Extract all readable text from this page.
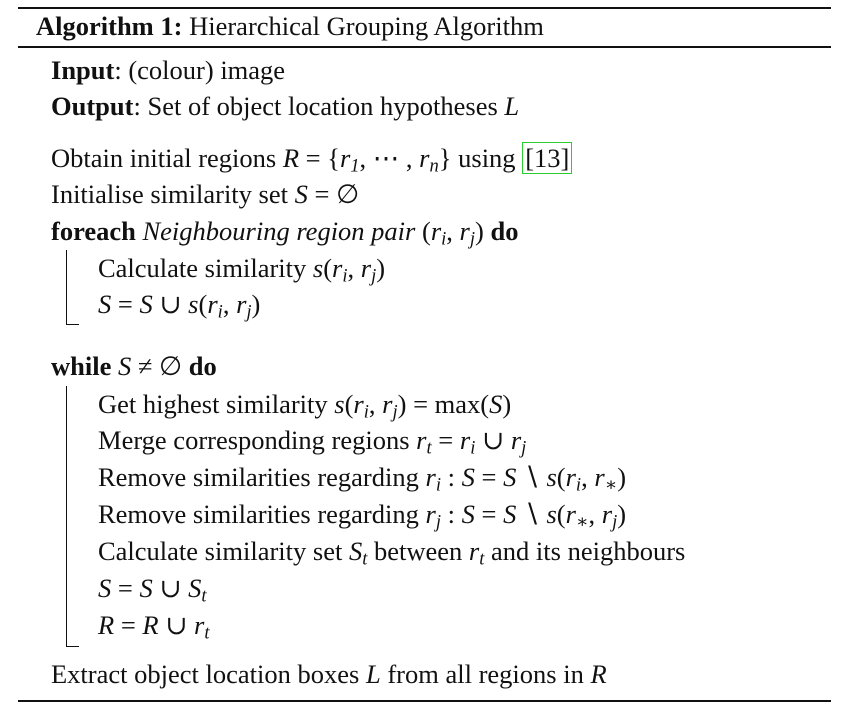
Algorithm 1: Hierarchical Grouping Algorithm
Input: (colour) image
Output: Set of object location hypotheses L
Obtain initial regions $R = \{r_1$, ⋯ , $r_n$} using [13]
Initialise similarity set S = ∅
foreach Neighbouring region pair ($r_i$, $r_j$) do
Calculate similarity $s(r_i$, $r_j$)
S = S ∪ $s(r_i$, $r_j$)
while S ≠ ∅ do
Get highest similarity $s(r_i$, $r_j) = \max(S)$
Merge corresponding regions $r_t = r_i$ ∪ $r_j$
Remove similarities regarding $r_i$ : S = S ∖ $s(r_i$, $r_∗$)
Remove similarities regarding $r_j$ : S = S ∖ $s(r_∗$, $r_j$)
Calculate similarity set $S_t$ between $r_t$ and its neighbours
S = S ∪ $S_t$
R = R ∪ $r_t$
Extract object location boxes L from all regions in R
